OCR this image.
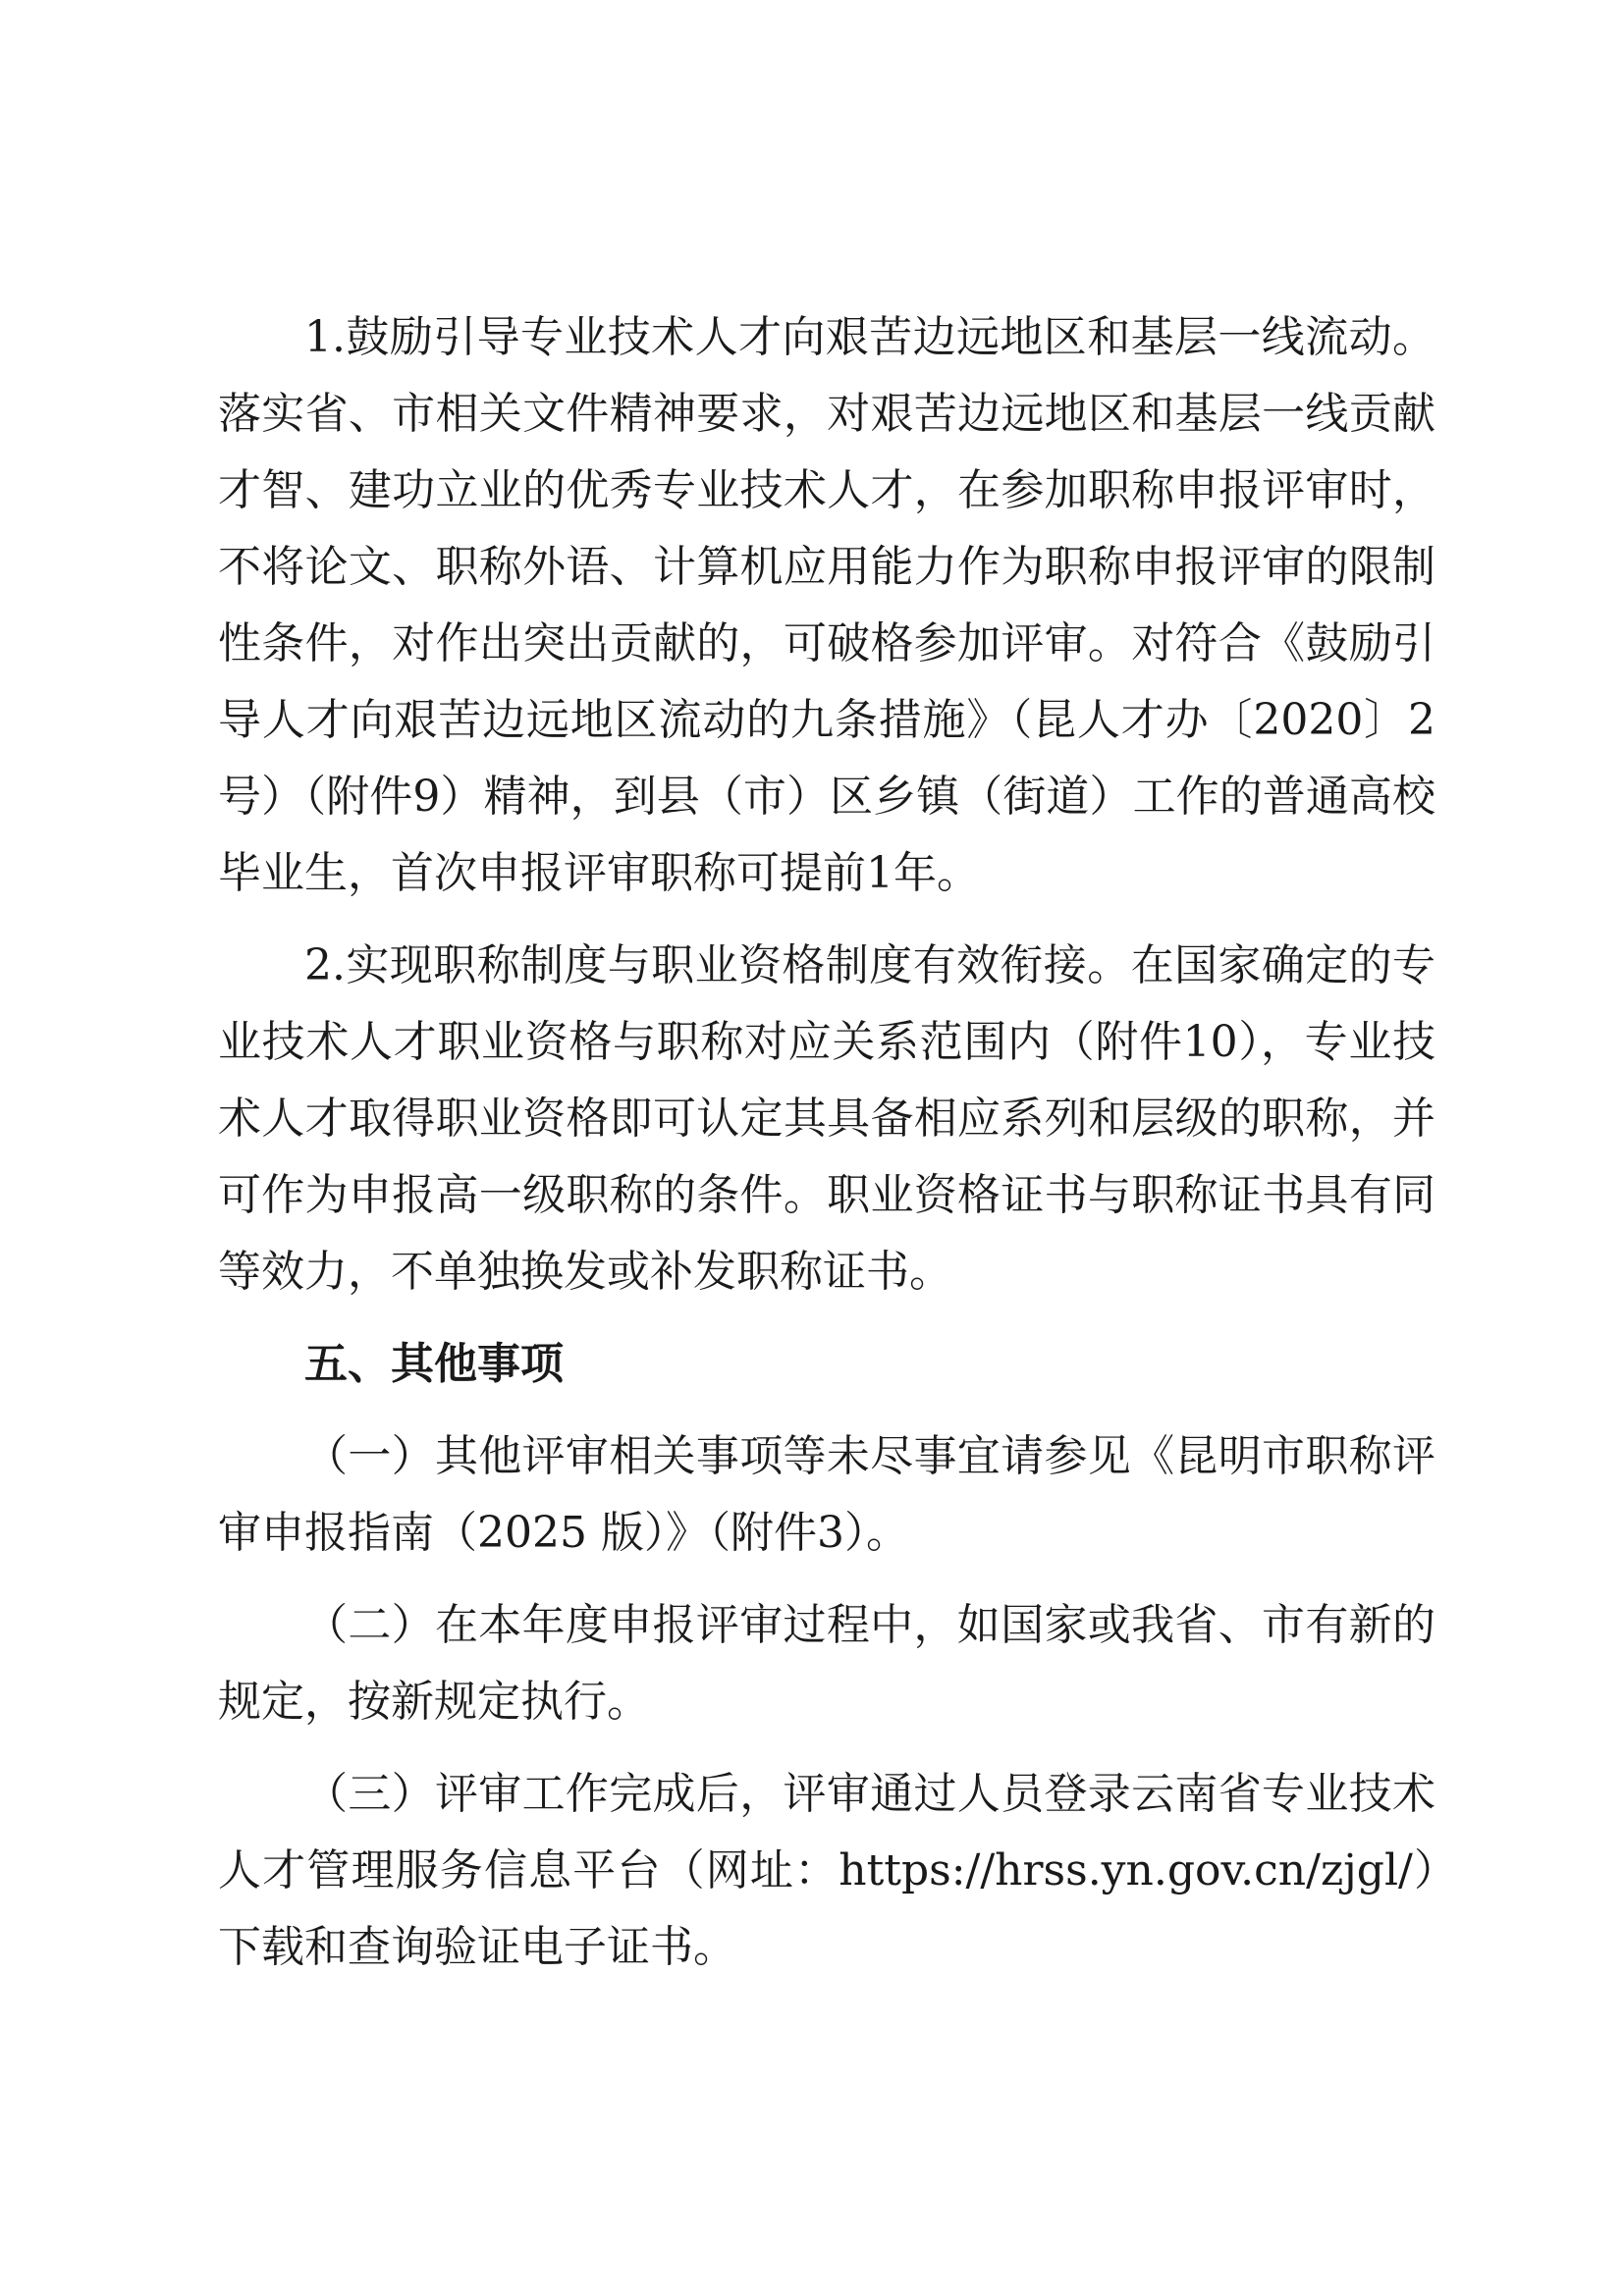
1.鼓励引导专业技术人才向艰苦边远地区和基层一线流动。落实省、市相关文件精神要求，对艰苦边远地区和基层一线贡献才智、建功立业的优秀专业技术人才，在参加职称申报评审时，不将论文、职称外语、计算机应用能力作为职称申报评审的限制性条件，对作出突出贡献的，可破格参加评审。对符合《鼓励引导人才向艰苦边远地区流动的九条措施》（昆人才办〔2020〕2号）（附件9）精神，到县（市）区乡镇（街道）工作的普通高校毕业生，首次申报评审职称可提前1年。

2.实现职称制度与职业资格制度有效衔接。在国家确定的专业技术人才职业资格与职称对应关系范围内（附件10），专业技术人才取得职业资格即可认定其具备相应系列和层级的职称，并可作为申报高一级职称的条件。职业资格证书与职称证书具有同等效力，不单独换发或补发职称证书。

五、其他事项

（一）其他评审相关事项等未尽事宜请参见《昆明市职称评审申报指南（2025 版）》（附件3）。

（二）在本年度申报评审过程中，如国家或我省、市有新的规定，按新规定执行。

（三）评审工作完成后，评审通过人员登录云南省专业技术人才管理服务信息平台（网址：https://hrss.yn.gov.cn/zjgl/）下载和查询验证电子证书。
